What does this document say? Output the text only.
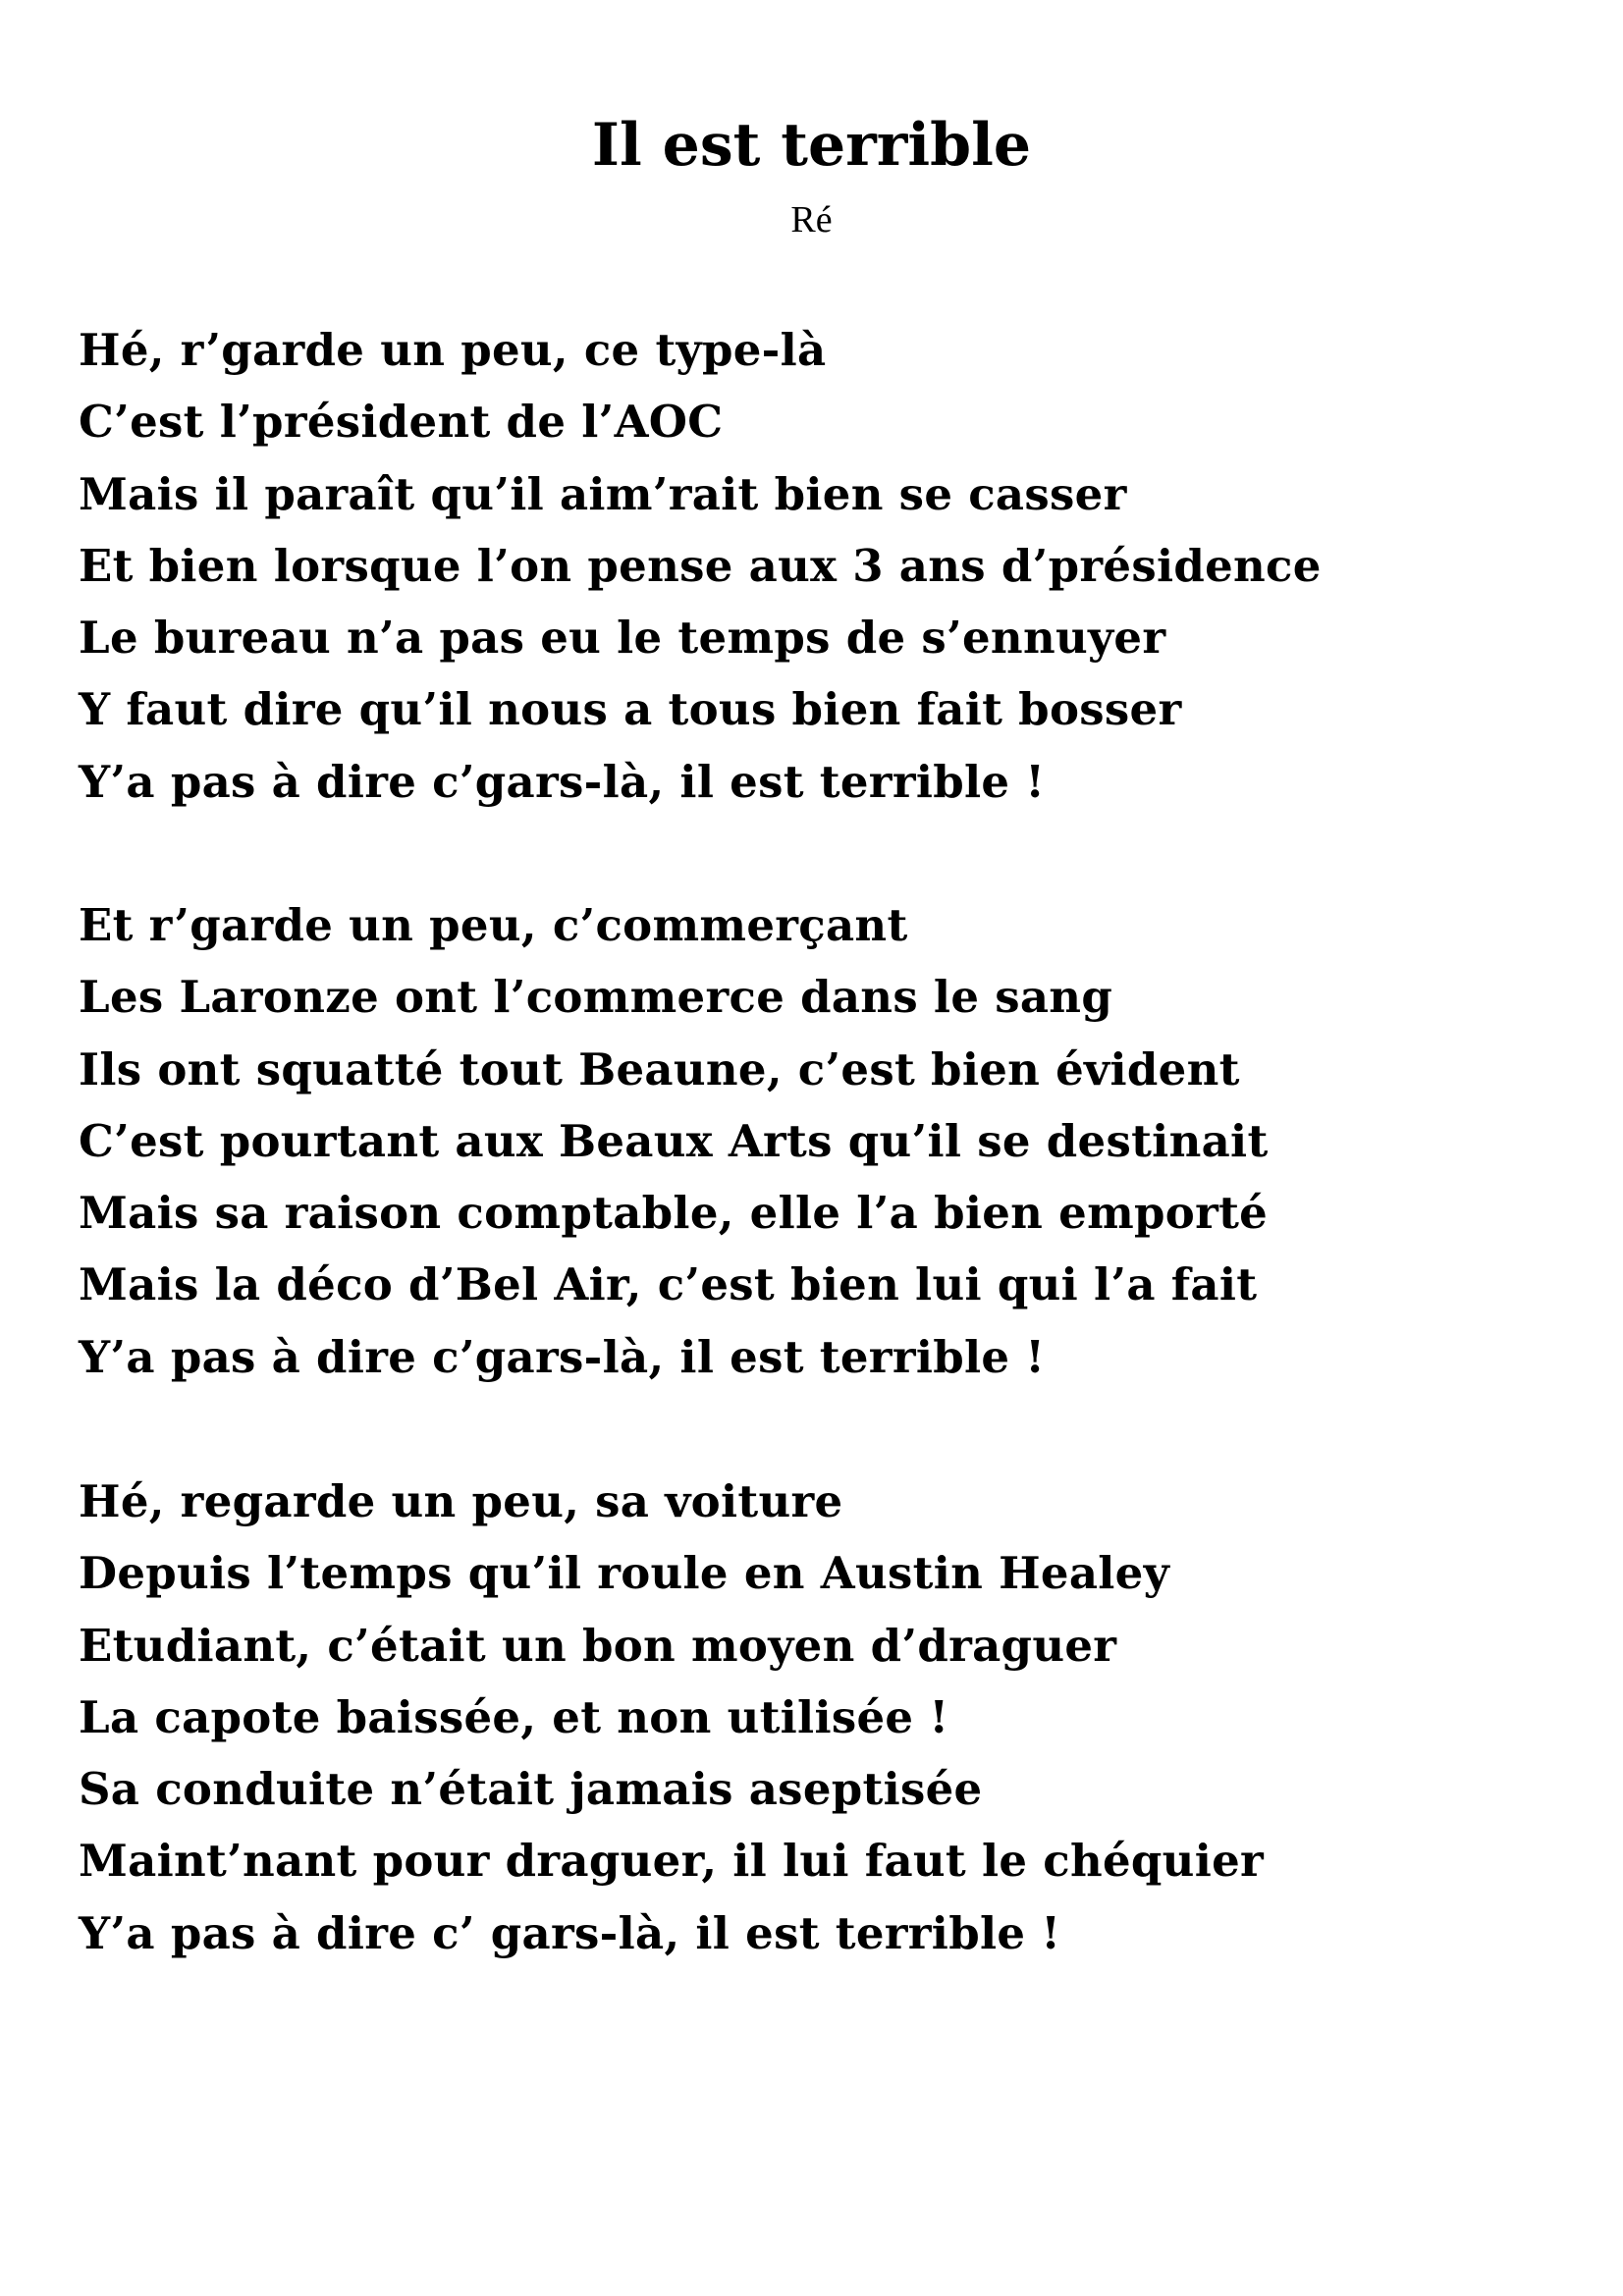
Il est terrible
Ré
Hé, r’garde un peu, ce type-là
C’est l’président de l’AOC
Mais il paraît qu’il aim’rait bien se casser
Et bien lorsque l’on pense aux 3 ans d’présidence
Le bureau n’a pas eu le temps de s’ennuyer
Y faut dire qu’il nous a tous bien fait bosser
Y’a pas à dire c’gars-là, il est terrible !
Et r’garde un peu, c’commerçant
Les Laronze ont l’commerce dans le sang
Ils ont squatté tout Beaune, c’est bien évident
C’est pourtant aux Beaux Arts qu’il se destinait
Mais sa raison comptable, elle l’a bien emporté
Mais la déco d’Bel Air, c’est bien lui qui l’a fait
Y’a pas à dire c’gars-là, il est terrible !
Hé, regarde un peu, sa voiture
Depuis l’temps qu’il roule en Austin Healey
Etudiant, c’était un bon moyen d’draguer
La capote baissée, et non utilisée !
Sa conduite n’était jamais aseptisée
Maint’nant pour draguer, il lui faut le chéquier
Y’a pas à dire c’ gars-là, il est terrible !
